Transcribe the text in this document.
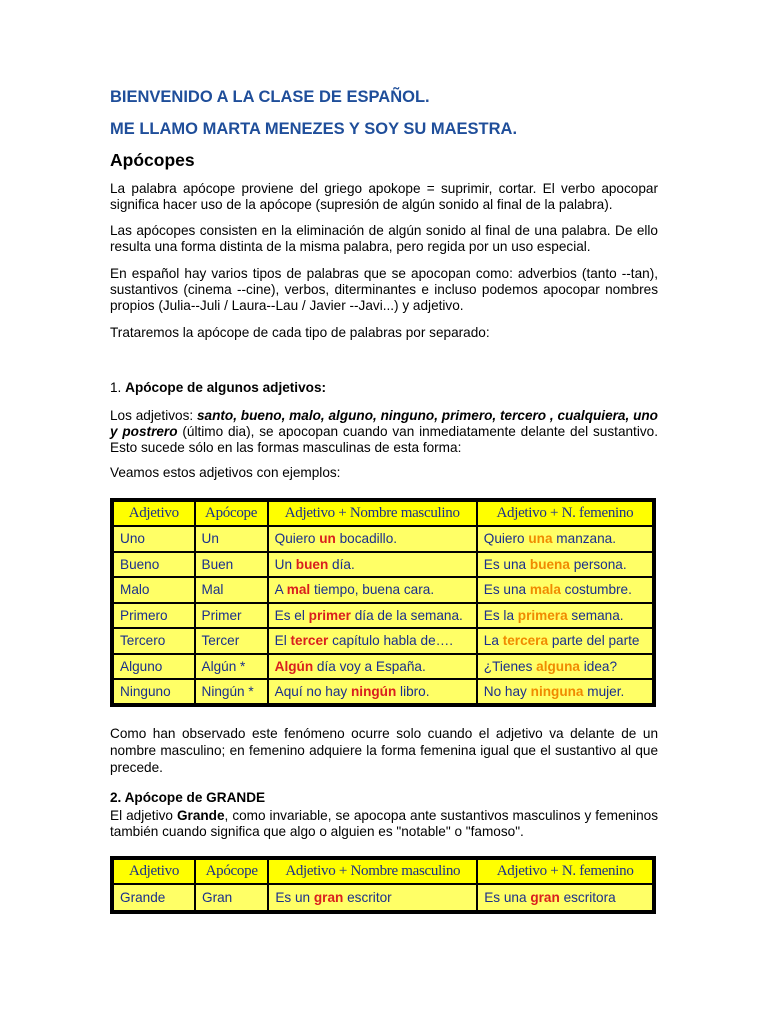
BIENVENIDO A LA CLASE DE ESPAÑOL.
ME LLAMO MARTA MENEZES Y SOY SU MAESTRA.
Apócopes
La palabra apócope proviene del griego apokope = suprimir, cortar. El verbo apocopar significa hacer uso de la apócope (supresión de algún sonido al final de la palabra).
Las apócopes consisten en la eliminación de algún sonido al final de una palabra. De ello resulta una forma distinta de la misma palabra, pero regida por un uso especial.
En español hay varios tipos de palabras que se apocopan como: adverbios (tanto --tan), sustantivos (cinema --cine), verbos, diterminantes e incluso podemos apocopar nombres propios (Julia--Juli / Laura--Lau / Javier --Javi...) y adjetivo.
Trataremos la apócope de cada tipo de palabras por separado:
1. Apócope de algunos adjetivos:
Los adjetivos: santo, bueno, malo, alguno, ninguno, primero, tercero , cualquiera, uno y postrero (último dia), se apocopan cuando van inmediatamente delante del sustantivo. Esto sucede sólo en las formas masculinas de esta forma:
Veamos estos adjetivos con ejemplos:
Adjetivo	Apócope	Adjetivo + Nombre masculino	Adjetivo + N. femenino
Uno	Un	Quiero un bocadillo.	Quiero una manzana.
Bueno	Buen	Un buen día.	Es una buena persona.
Malo	Mal	A mal tiempo, buena cara.	Es una mala costumbre.
Primero	Primer	Es el primer día de la semana.	Es la primera semana.
Tercero	Tercer	El tercer capítulo habla de….	La tercera parte del parte
Alguno	Algún *	Algún día voy a España.	¿Tienes alguna idea?
Ninguno	Ningún *	Aquí no hay ningún libro.	No hay ninguna mujer.
Como han observado este fenómeno ocurre solo cuando el adjetivo va delante de un nombre masculino; en femenino adquiere la forma femenina igual que el sustantivo al que precede.
2. Apócope de GRANDE
El adjetivo Grande, como invariable, se apocopa ante sustantivos masculinos y femeninos también cuando significa que algo o alguien es "notable" o "famoso".
Adjetivo	Apócope	Adjetivo + Nombre masculino	Adjetivo + N. femenino
Grande	Gran	Es un gran escritor	Es una gran escritora
